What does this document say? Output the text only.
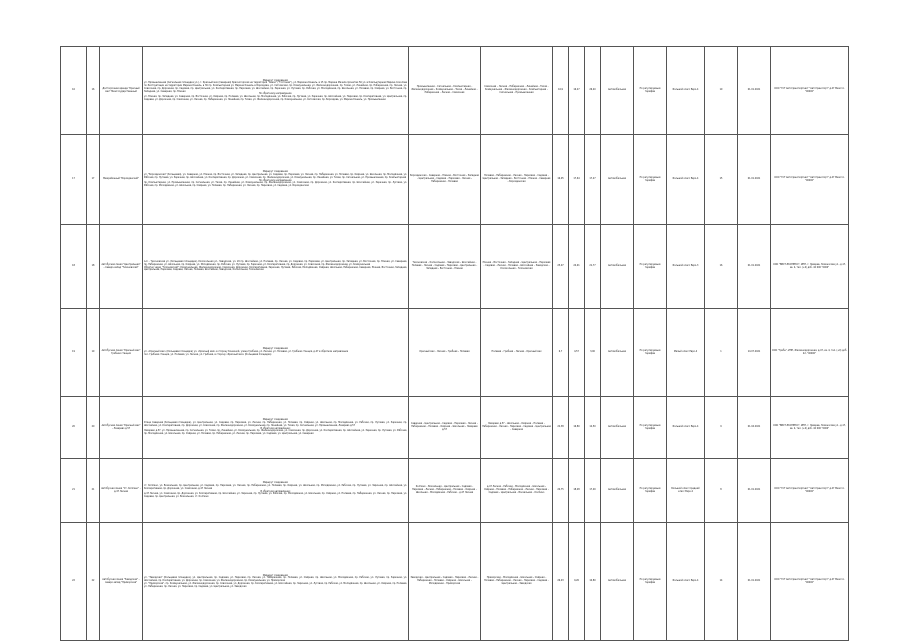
16	16	Долгосрочная аренда "Красный мех" Межгосударственный	Маршрут следования:
ул. Промышленная (Сигнальная площадка ул.), г. Красный мех (Северная) Красногорская на территории "Свечи" ("Гостиная"), ул. Мариона Кошель, в 15 пр. Марина Мачела проектам 56 ул. в Компьютерная Марина Соколова по Эксплуатации на территории Марина Кошель, в 36 пр. Компьютерная ул. Марина Кошель в Бороздова, ул. Ситковская, пр. Коммунальная, ул. Железнодорожная, пр. Тихая, ул. Линейная, пр. Набережная, пр. Лесная, ул. Совхозная, пр. Дорожная, пр. Садовая, пр. Центральная, ул. Кооперативная, пр. Парковая, ул. Шоссейная, пр. Заречная, ул. Луговая, пр. Рабочая, ул. Молодёжная, пр. Школьная, ул. Полевая, пр. Озёрная, ул. Восточная, пр. Западная, ул. Северная, пр. Южная
По обратному направлению:
ул. Южная, пр. Западная, ул. Северная, пр. Восточная, ул. Озёрная, пр. Полевая, ул. Школьная, пр. Молодёжная, ул. Рабочая, пр. Луговая, ул. Заречная, пр. Шоссейная, ул. Парковая, пр. Кооперативная, ул. Центральная, пр. Садовая, ул. Дорожная, пр. Совхозная, ул. Лесная, пр. Набережная, ул. Линейная, пр. Тихая, ул. Железнодорожная, пр. Коммунальная, ул. Ситковская, пр. Бороздова, ул. Марина Кошель, ул. Промышленная	Промышленная – Сигнальная – Компьютерная – Железнодорожная – Коммунальная – Тихая – Линейная – Набережная – Лесная – Совхозная	Совхозная – Лесная – Набережная – Линейная – Тихая – Коммунальная – Железнодорожная – Компьютерная – Сигнальная – Промышленная	16,9	16,27	26,40	Автомобильная	По регулируемым тарифам	Большой класс Евро-4	19	01.01.2021	ООО "ГСТ Автотранспортная" "Автотранспорт" д.47 Межгос. "00000"
17	17	Межрайонный "Бороздинский"	Маршрут следования:
ул. "Бороздинская" (Кольцевая), ул. Северная, ул. Южная, пр. Восточная, ул. Западная, пр. Центральная, ул. Садовая, пр. Парковая, ул. Лесная, пр. Набережная, ул. Полевая, пр. Озёрная, ул. Школьная, пр. Молодёжная, ул. Рабочая, пр. Луговая, ул. Заречная, пр. Шоссейная, ул. Кооперативная, пр. Дорожная, ул. Совхозная, пр. Железнодорожная, ул. Коммунальная, пр. Линейная, ул. Тихая, пр. Сигнальная, ул. Промышленная, пр. Компьютерная
По обратному направлению:
пр. Компьютерная, ул. Промышленная, пр. Сигнальная, ул. Тихая, пр. Линейная, ул. Коммунальная, пр. Железнодорожная, ул. Совхозная, пр. Дорожная, ул. Кооперативная, пр. Шоссейная, ул. Заречная, пр. Луговая, ул. Рабочая, пр. Молодёжная, ул. Школьная, пр. Озёрная, ул. Полевая, пр. Набережная, ул. Лесная, пр. Парковая, ул. Садовая, ул. Бороздинская	Бороздинская – Северная – Южная – Восточная – Западная – Центральная – Садовая – Парковая – Лесная – Набережная – Полевая	Полевая – Набережная – Лесная – Парковая – Садовая – Центральная – Западная – Восточная – Южная – Северная – Бороздинская	16,05	17,64	17,27	Автомобильная	По регулируемым тарифам	Большой класс Евро-4	15	01.01.2021	ООО "ГСТ Автотранспортная" "Автотранспорт" д.47 Межгос. "00000"
18	18	Автобусная линия "Центральная" – Северо-запад "Тихоновский"	А-С – Тихоновская ул. (Кольцевая площадка), Колокольная ул., Заводская, ул. 20 пр. Шоссейная, ул. Полевая, пр. Лесная, ул. Садовая, пр. Парковая, ул. Центральная, пр. Западная, ул. Восточная, пр. Южная, ул. Северная, пр. Набережная, ул. Школьная, пр. Озёрная, ул. Молодёжная, пр. Рабочая, ул. Луговая, пр. Заречная, ул. Кооперативная, пр. Дорожная, ул. Совхозная, пр. Железнодорожная, ул. Коммунальная
Обратно через "Тихоновский": Коммунальная, Железнодорожная, Совхозная, Дорожная, Кооперативная, Заречная, Луговая, Рабочая, Молодёжная, Озёрная, Школьная, Набережная, Северная, Южная, Восточная, Западная, Центральная, Парковая, Садовая, Лесная, Полевая, Шоссейная, Заводская, Колокольная, Тихоновская	Тихоновская – Колокольная – Заводская – Шоссейная – Полевая – Лесная – Садовая – Парковая – Центральная – Западная – Восточная – Южная	Южная – Восточная – Западная – Центральная – Парковая – Садовая – Лесная – Полевая – Шоссейная – Заводская – Колокольная – Тихоновская	25,07	24,91	21,77	Автомобильная	По регулируемым тарифам	Большой класс Евро-3	16	01.01.2021	ООО "ВВСТ-ЭКСПРЕСС", ИНН, г. Лазарев, Ломоносова ул., д.17, кв. 4, тел. (+0) доб. 42 000 "0000"
19	19	Автобусная линия "Красный мех" Грибная станция	Маршрут следования:
ул. «Красный мех» (Кольцевая площадка) ул. «Красный мех» в сторону Конечной, улица Грибная, ул. Лесная, ул. Полевая, ул. Грибная станция, д.47 в обратном направлении
пос. Грибная станция, ул. Полевая, ул. Лесная, ул. Грибная, в сторону «Красный мех» (Кольцевая площадка)	Красный мех – Лесная – Грибная – Полевая	Полевая – Грибная – Лесная – Красный мех	6,7	4,57	3,00	Автомобильная	По регулируемым тарифам	Малый класс Евро-4	1	14.07.2021	ООО "Грибн", ИНН, Железнодорожная, д.47, кв. 4, тел. (+0) доб. 42, "00000"
20	20	Автобусная линия "Красный мех" – Лазарево д.57	Маршрут следования:
Улица Северная (Кольцевая площадка), ул. Центральная, ул. Садовая, пр. Парковая, ул. Лесная, пр. Набережная, ул. Полевая, пр. Озёрная, ул. Школьная, пр. Молодёжная, ул. Рабочая, пр. Луговая, ул. Заречная, пр. Шоссейная, ул. Кооперативная, пр. Дорожная, ул. Совхозная, пр. Железнодорожная, ул. Коммунальная, пр. Линейная, ул. Тихая, пр. Сигнальная, ул. Промышленная, Лазарево д.57
В обратном направлении:
Лазарево д.57, ул. Промышленная, пр. Сигнальная, ул. Тихая, пр. Линейная, ул. Коммунальная, пр. Железнодорожная, ул. Совхозная, пр. Дорожная, ул. Кооперативная, пр. Шоссейная, ул. Заречная, пр. Луговая, ул. Рабочая, пр. Молодёжная, ул. Школьная, пр. Озёрная, ул. Полевая, пр. Набережная, ул. Лесная, пр. Парковая, ул. Садовая, ул. Центральная, ул. Северная	Северная – Центральная – Садовая – Парковая – Лесная – Набережная – Полевая – Озёрная – Школьная – Лазарево д.57	Лазарево д.57 – Школьная – Озёрная – Полевая – Набережная – Лесная – Парковая – Садовая – Центральная – Северная	22,38	16,80	12,50	Автомобильная	По регулируемым тарифам	Большой класс Евро-4	9	01.04.2021	ООО "ВВСТ-ЭКСПРЕСС", ИНН, г. Лазарев, Ломоносова ул., д.17, кв. 4, тел. (+0) доб. 42 000 "0000"
21	21	Автобусная линия "Ст. Колпино" – д.47 Лесная	Маршрут следования:
ст. Колпино, ул. Вокзальная, пр. Центральная, ул. Садовая, пр. Парковая, ул. Лесная, пр. Набережная, ул. Полевая, пр. Озёрная, ул. Школьная, пр. Молодёжная, ул. Рабочая, пр. Луговая, ул. Заречная, пр. Шоссейная, ул. Кооперативная, пр. Дорожная, ул. Совхозная, д.47 Лесная
В обратном направлении:
д.47 Лесная, ул. Совхозная, пр. Дорожная, ул. Кооперативная, пр. Шоссейная, ул. Заречная, пр. Луговая, ул. Рабочая, пр. Молодёжная, ул. Школьная, пр. Озёрная, ул. Полевая, пр. Набережная, ул. Лесная, пр. Парковая, ул. Садовая, пр. Центральная, ул. Вокзальная, ст. Колпино	Колпино – Вокзальная – Центральная – Садовая – Парковая – Лесная – Набережная – Полевая – Озёрная – Школьная – Молодёжная – Рабочая – д.47 Лесная	д.47 Лесная – Рабочая – Молодёжная – Школьная – Озёрная – Полевая – Набережная – Лесная – Парковая – Садовая – Центральная – Вокзальная – Колпино	20,75	18,28	17,00	Автомобильная	По регулируемым тарифам	Большой класс Средний класс Евро-4	8	01.01.2021	ООО "ГСТ Автотранспортная" "Автотранспорт" д.47 Межгос. "00000"
22	22	Автобусная линия "Заводская" – северо-запад "Приморская"	Маршрут следования:
ул. "Заводская" (Кольцевая площадка), ул. Центральная, пр. Садовая, ул. Парковая, пр. Лесная, ул. Набережная, пр. Полевая, ул. Озёрная, пр. Школьная, ул. Молодёжная, пр. Рабочая, ул. Луговая, пр. Заречная, ул. Шоссейная, пр. Кооперативная, ул. Дорожная, пр. Совхозная, ул. Железнодорожная, пр. Коммунальная, ул. Приморская
ул. "Приморская", пр. Коммунальная, ул. Железнодорожная, пр. Совхозная, ул. Дорожная, пр. Кооперативная, ул. Шоссейная, пр. Заречная, ул. Луговая, пр. Рабочая, ул. Молодёжная, пр. Школьная, ул. Озёрная, пр. Полевая, ул. Набережная, пр. Лесная, ул. Парковая, пр. Садовая, ул. Центральная, ул. Заводская	Заводская – Центральная – Садовая – Парковая – Лесная – Набережная – Полевая – Озёрная – Школьная – Молодёжная – Приморская	Приморская – Молодёжная – Школьная – Озёрная – Полевая – Набережная – Лесная – Парковая – Садовая – Центральная – Заводская	26,03	9,26	10,80	Автомобильная	По регулируемым тарифам	Большой класс Евро-4	14	01.01.2021	ООО "ГСТ Автотранспортная" "Автотранспорт" д.47 Межгос. "00000"
